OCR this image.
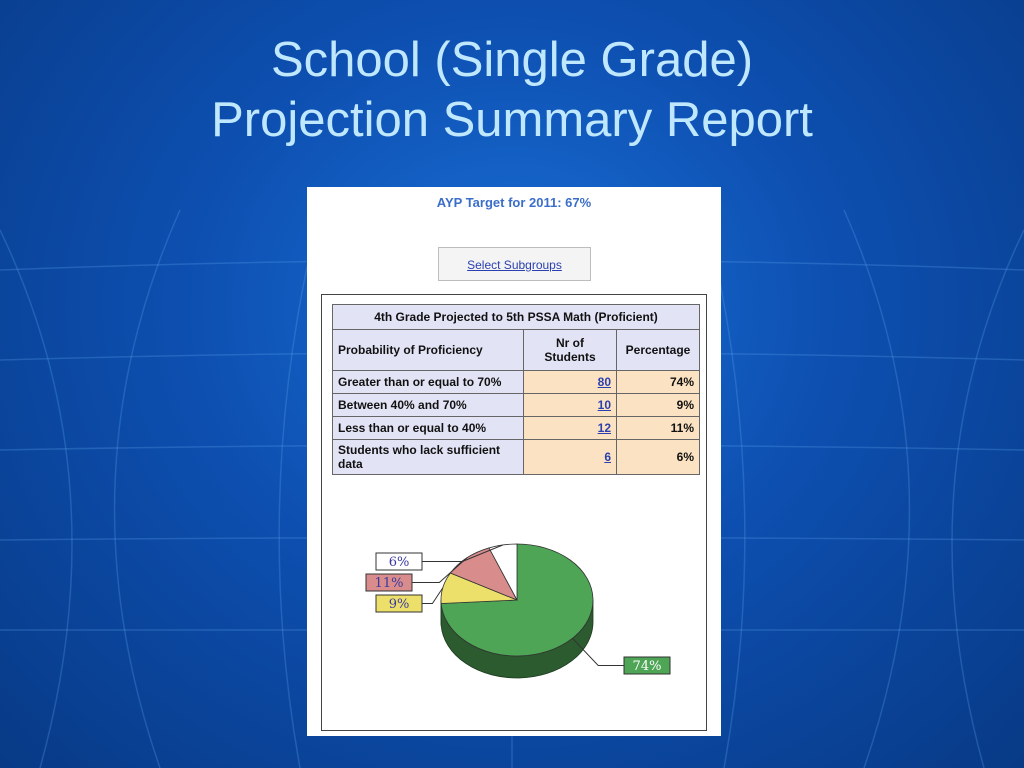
School (Single Grade)
Projection Summary Report
AYP Target for 2011: 67%
Select Subgroups
4th Grade Projected to 5th PSSA Math (Proficient)		
Probability of Proficiency	Nr of Students	Percentage
Greater than or equal to 70%	80	74%
Between 40% and 70%	10	9%
Less than or equal to 40%	12	11%
Students who lack sufficient data	6	6%
74%
9%
11%
6%
